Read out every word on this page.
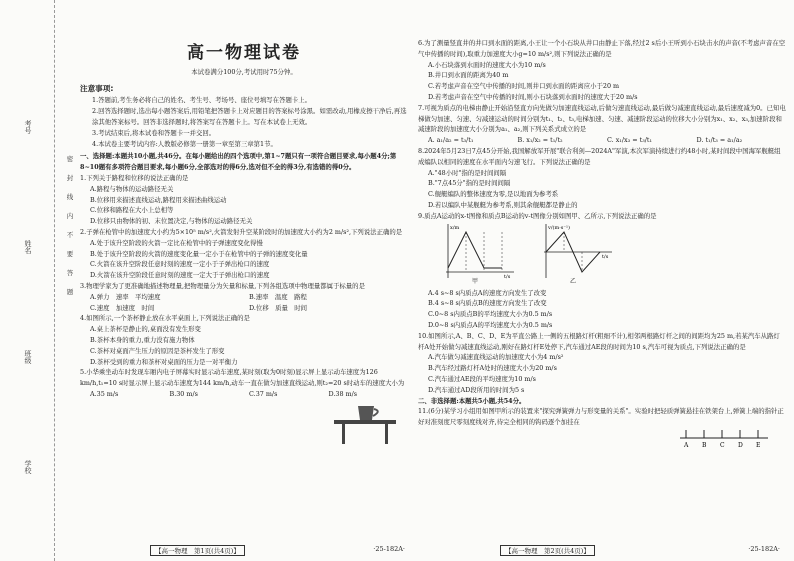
考号
姓名
班级
学校
密
封
线
内
不
要
答
题
高一物理试卷
本试卷满分100分,考试用时75分钟。
注意事项:

1.答题前,考生务必将自己的姓名、考生号、考场号、座位号填写在答题卡上。

2.回答选择题时,选出每小题答案后,用铅笔把答题卡上对应题目的答案标号涂黑。如需改动,用橡皮擦干净后,再选涂其他答案标号。回答非选择题时,将答案写在答题卡上。写在本试卷上无效。

3.考试结束后,将本试卷和答题卡一并交回。

4.本试卷主要考试内容:人教版必修第一册第一章至第三章第1节。

一、选择题:本题共10小题,共46分。在每小题给出的四个选项中,第1~7题只有一项符合题目要求,每小题4分;第8~10题有多项符合题目要求,每小题6分,全部选对的得6分,选对但不全的得3分,有选错的得0分。

1.下列关于路程和位移的说法正确的是

A.路程与物体的运动路径无关

B.位移用来描述直线运动,路程用来描述曲线运动

C.位移和路程在大小上总相等

D.位移只由物体的初、末位置决定,与物体的运动路径无关

2.子弹在枪管中的加速度大小约为5×10⁵ m/s²,火箭发射升空某阶段时的加速度大小约为2 m/s²,下列说法正确的是

A.处于该升空阶段的火箭一定比在枪管中的子弹速度变化得慢

B.处于该升空阶段的火箭的速度变化量一定小于在枪管中的子弹的速度变化量

C.火箭在该升空阶段任意时刻的速度一定小于子弹出枪口的速度

D.火箭在该升空阶段任意时刻的速度一定大于子弹出枪口的速度

3.物理学家为了更准确地描述物理量,把物理量分为矢量和标量,下列各组选项中物理量都属于标量的是

A.弹力　速率　平均速度	B.速率　温度　路程
C.速度　加速度　时间	D.位移　质量　时间

4.如图所示,一个茶杯静止放在水平桌面上,下列说法正确的是

A.桌上茶杯是静止的,桌面没有发生形变

B.茶杯本身的重力,重力没有施力物体

C.茶杯对桌面产生压力的原因是茶杯发生了形变

D.茶杯受到的重力和茶杯对桌面的压力是一对平衡力

5.小华乘坐动车时发现车厢内电子屏幕实时显示动车速度,某时刻(取为0时刻)显示屏上显示动车速度为126 km/h,t₁=10 s时显示屏上显示动车速度为144 km/h,动车一直在做匀加速直线运动,则t₂=20 s时动车的速度大小为

A.35 m/s	B.30 m/s	C.37 m/s	D.38 m/s

6.为了测量竖直井的井口到水面的距离,小王让一个小石块从井口由静止下落,经过2 s后小王听到小石块击水的声音(不考虑声音在空气中传播的时间),取重力加速度大小g=10 m/s²,则下列说法正确的是

A.小石块落到水面时的速度大小为10 m/s

B.井口到水面的距离为40 m

C.若考虑声音在空气中传播的时间,则井口到水面的距离应小于20 m

D.若考虑声音在空气中传播的时间,则小石块落到水面时的速度大于20 m/s

7.可视为质点的电梯由静止开始沿竖直方向先做匀加速直线运动,后做匀速直线运动,最后做匀减速直线运动,最后速度减为0。已知电梯做匀加速、匀速、匀减速运动的时间分别为t₁、t₂、t₃,电梯加速、匀速、减速阶段运动的位移大小分别为x₁、x₂、x₃,加速阶段和减速阶段的加速度大小分别为a₁、a₂,则下列关系式成立的是

A. a₁/a₂ = t₃/t₁	B. x₁/x₂ = t₁/t₂	C. x₁/x₃ = t₃/t₁	D. t₁/t₃ = a₁/a₂

8.2024年5月23日7点45分开始,我国解放军开展"联合利剑—2024A"军演,本次军演持续进行约48小时,某时间段中国海军舰艇组成编队以相同的速度在水平面内匀速飞行。下列说法正确的是

A."48小时"指的是时间间隔

B."7点45分"指的是时间间隔

C.舰艇编队的整体速度为零,是以地面为参考系

D.若以编队中某舰艇为参考系,则其余舰艇都是静止的

9.质点A运动的x-t图像和质点B运动的v-t图像分别如图甲、乙所示,下列说法正确的是

x/m
t/s
甲

v/(m·s⁻¹)
t/s
乙

A.4 s~8 s内质点A的速度方向发生了改变

B.4 s~8 s内质点B的速度方向发生了改变

C.0~8 s内质点B的平均速度大小为0.5 m/s

D.0~8 s内质点A的平均速度大小为0.5 m/s

10.如图所示,A、B、C、D、E为平直公路上一侧的五根路灯杆(粗细不计),相邻两根路灯杆之间的间距均为25 m,若某汽车从路灯杆A处开始做匀减速直线运动,刚好在路灯杆E处停下,汽车通过AE段的时间为10 s,汽车可视为质点,下列说法正确的是

A.汽车做匀减速直线运动的加速度大小为4 m/s²

B.汽车经过路灯杆A处时的速度大小为20 m/s

C.汽车通过AE段的平均速度为10 m/s

D.汽车通过AD段所用的时间为5 s

二、非选择题:本题共5小题,共54分。

11.(6分)某学习小组用如图甲所示的装置来"探究弹簧弹力与形变量的关系"。实验时把轻质弹簧悬挂在铁架台上,弹簧上端的指针正好对准刻度尺零刻度线对齐,待完全相同的钩码逐个加挂在

A B C D E
【高一物理　第1页(共4页)】	·25-182A·	【高一物理　第2页(共4页)】	·25-182A·
